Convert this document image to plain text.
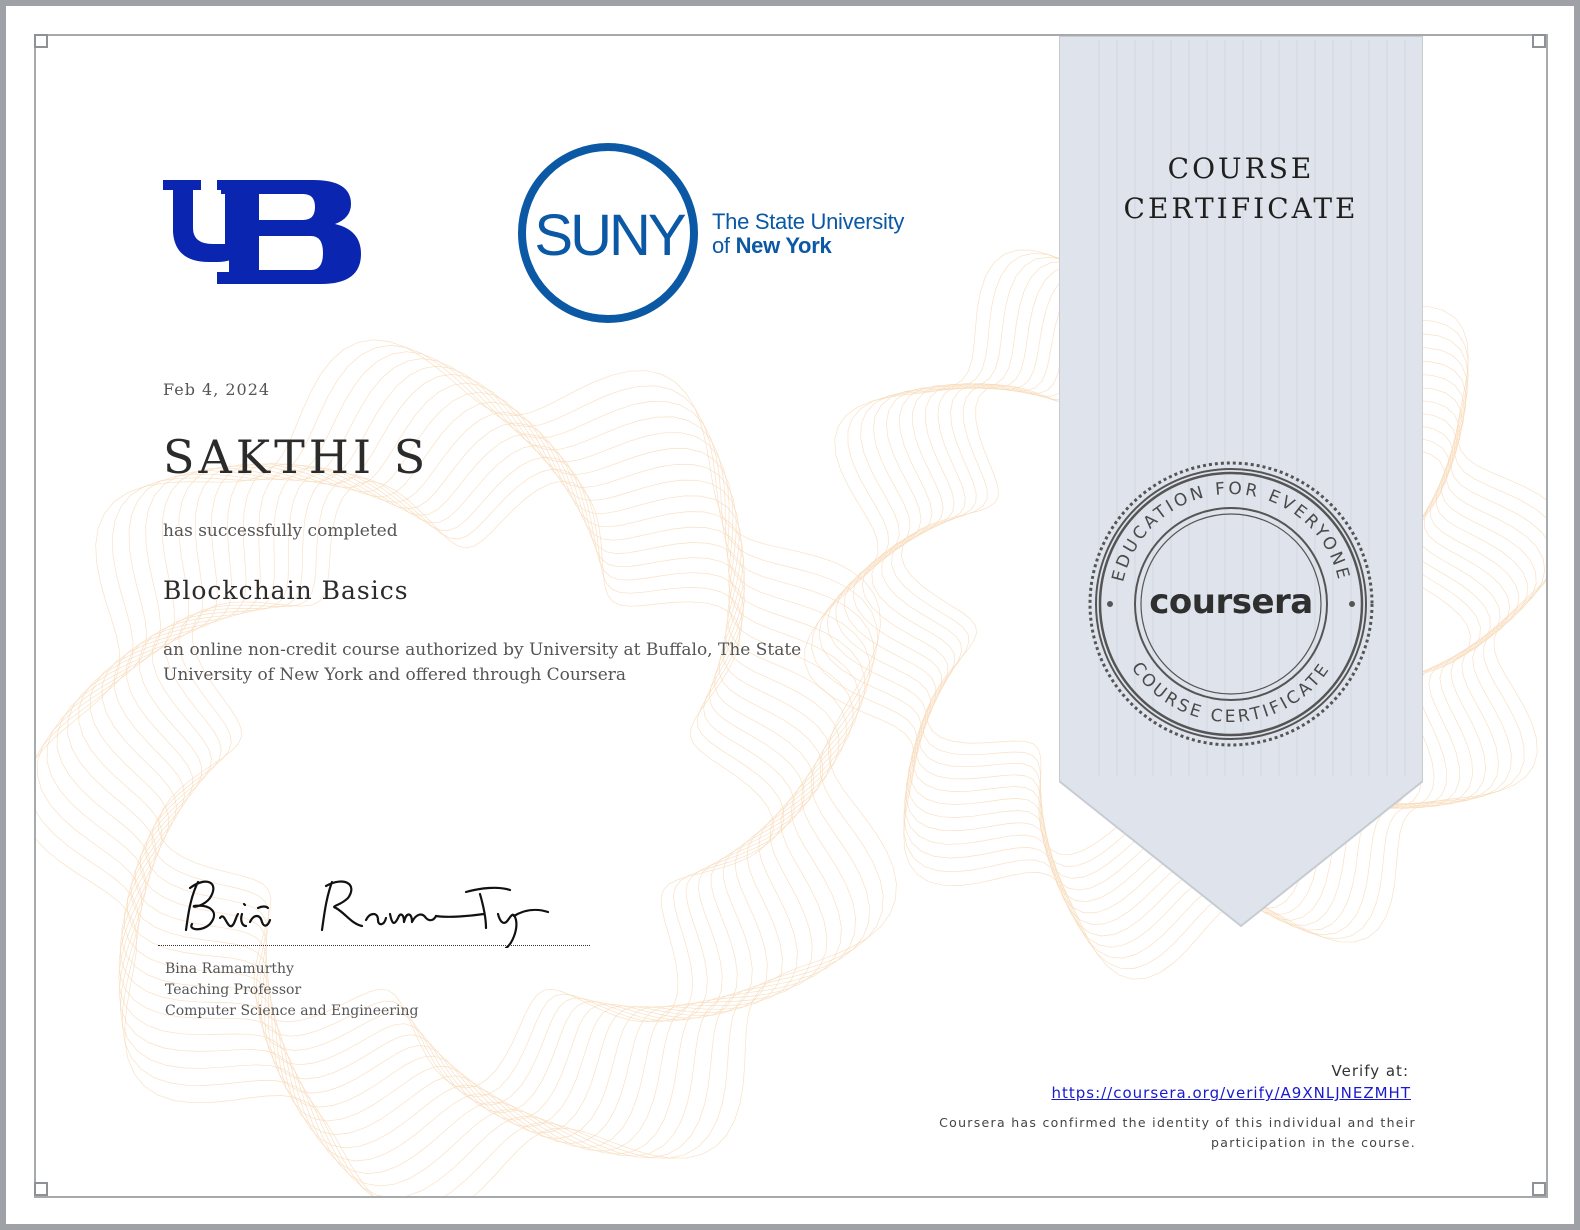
COURSE
CERTIFICATE
SUNY The State University
of New York
Feb 4, 2024
SAKTHI S
has successfully completed
Blockchain Basics
an online non-credit course authorized by University at Buffalo, The State University of New York and offered through Coursera
Bina Ramamurthy
Teaching Professor
Computer Science and Engineering
EDUCATION FOR EVERYONE
COURSE CERTIFICATE
coursera
Verify at:
https://coursera.org/verify/A9XNLJNEZMHT
Coursera has confirmed the identity of this individual and their participation in the course.
